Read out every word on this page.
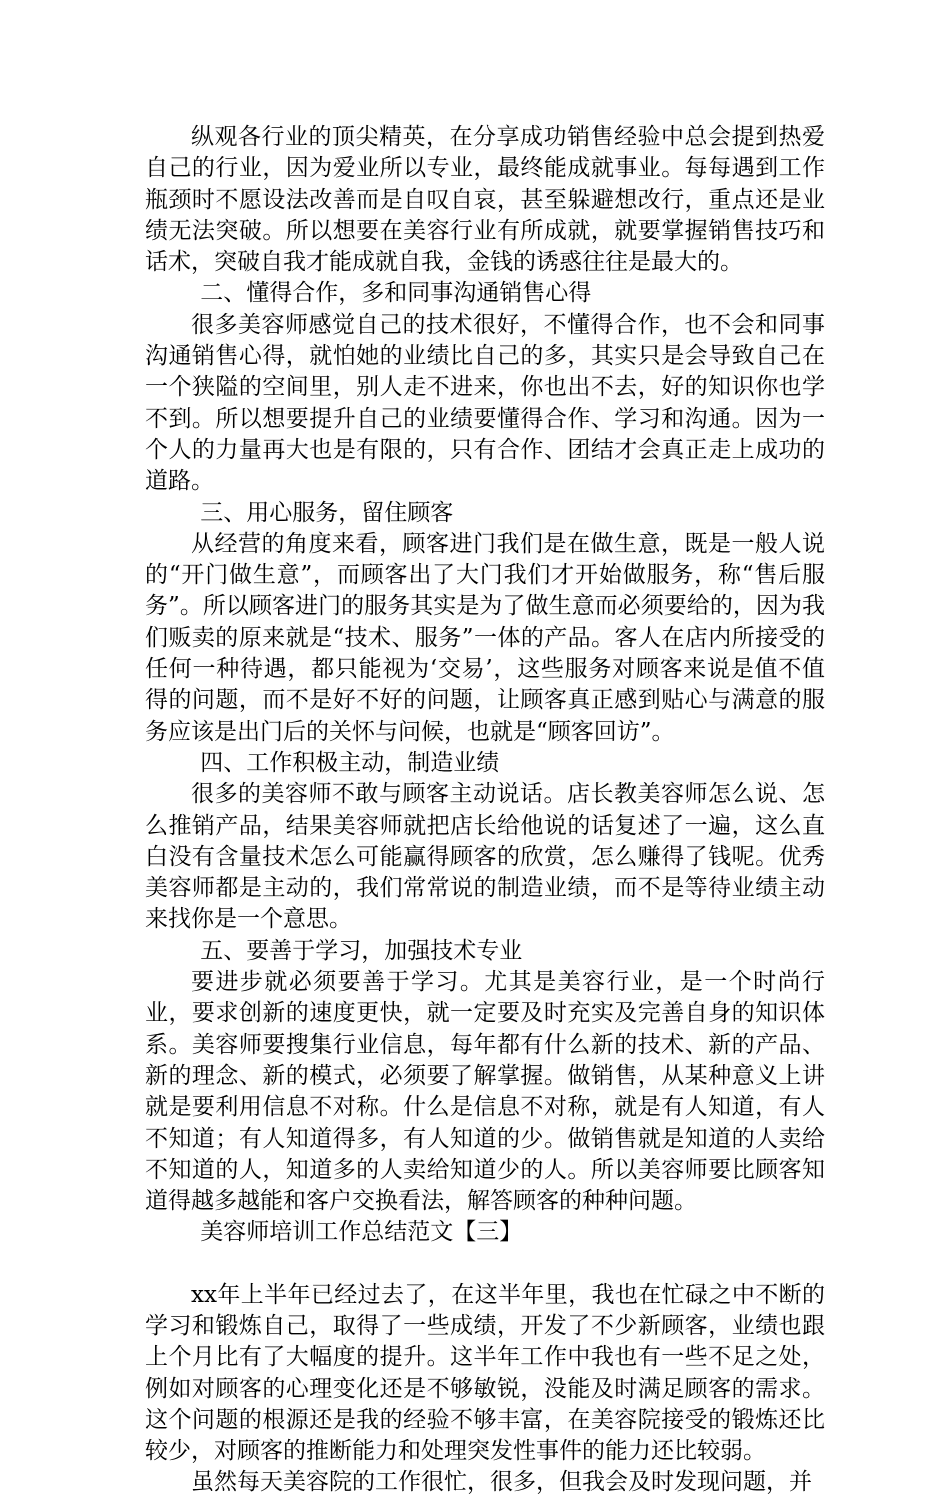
纵观各行业的顶尖精英，在分享成功销售经验中总会提到热爱自己的行业，因为爱业所以专业，最终能成就事业。每每遇到工作瓶颈时不愿设法改善而是自叹自哀，甚至躲避想改行，重点还是业绩无法突破。所以想要在美容行业有所成就，就要掌握销售技巧和话术，突破自我才能成就自我，金钱的诱惑往往是最大的。

二、懂得合作，多和同事沟通销售心得

很多美容师感觉自己的技术很好，不懂得合作，也不会和同事沟通销售心得，就怕她的业绩比自己的多，其实只是会导致自己在一个狭隘的空间里，别人走不进来，你也出不去，好的知识你也学不到。所以想要提升自己的业绩要懂得合作、学习和沟通。因为一个人的力量再大也是有限的，只有合作、团结才会真正走上成功的道路。

三、用心服务，留住顾客

从经营的角度来看，顾客进门我们是在做生意，既是一般人说的“开门做生意”，而顾客出了大门我们才开始做服务，称“售后服务”。所以顾客进门的服务其实是为了做生意而必须要给的，因为我们贩卖的原来就是“技术、服务”一体的产品。客人在店内所接受的任何一种待遇，都只能视为‘交易’，这些服务对顾客来说是值不值得的问题，而不是好不好的问题，让顾客真正感到贴心与满意的服务应该是出门后的关怀与问候，也就是“顾客回访”。

四、工作积极主动，制造业绩

很多的美容师不敢与顾客主动说话。店长教美容师怎么说、怎么推销产品，结果美容师就把店长给他说的话复述了一遍，这么直白没有含量技术怎么可能赢得顾客的欣赏，怎么赚得了钱呢。优秀美容师都是主动的，我们常常说的制造业绩，而不是等待业绩主动来找你是一个意思。

五、要善于学习，加强技术专业

要进步就必须要善于学习。尤其是美容行业，是一个时尚行业，要求创新的速度更快，就一定要及时充实及完善自身的知识体系。美容师要搜集行业信息，每年都有什么新的技术、新的产品、新的理念、新的模式，必须要了解掌握。做销售，从某种意义上讲就是要利用信息不对称。什么是信息不对称，就是有人知道，有人不知道；有人知道得多，有人知道的少。做销售就是知道的人卖给不知道的人，知道多的人卖给知道少的人。所以美容师要比顾客知道得越多越能和客户交换看法，解答顾客的种种问题。

美容师培训工作总结范文【三】

xx年上半年已经过去了，在这半年里，我也在忙碌之中不断的学习和锻炼自己，取得了一些成绩，开发了不少新顾客，业绩也跟上个月比有了大幅度的提升。这半年工作中我也有一些不足之处，例如对顾客的心理变化还是不够敏锐，没能及时满足顾客的需求。这个问题的根源还是我的经验不够丰富，在美容院接受的锻炼还比较少，对顾客的推断能力和处理突发性事件的能力还比较弱。

虽然每天美容院的工作很忙，很多，但我会及时发现问题，并
